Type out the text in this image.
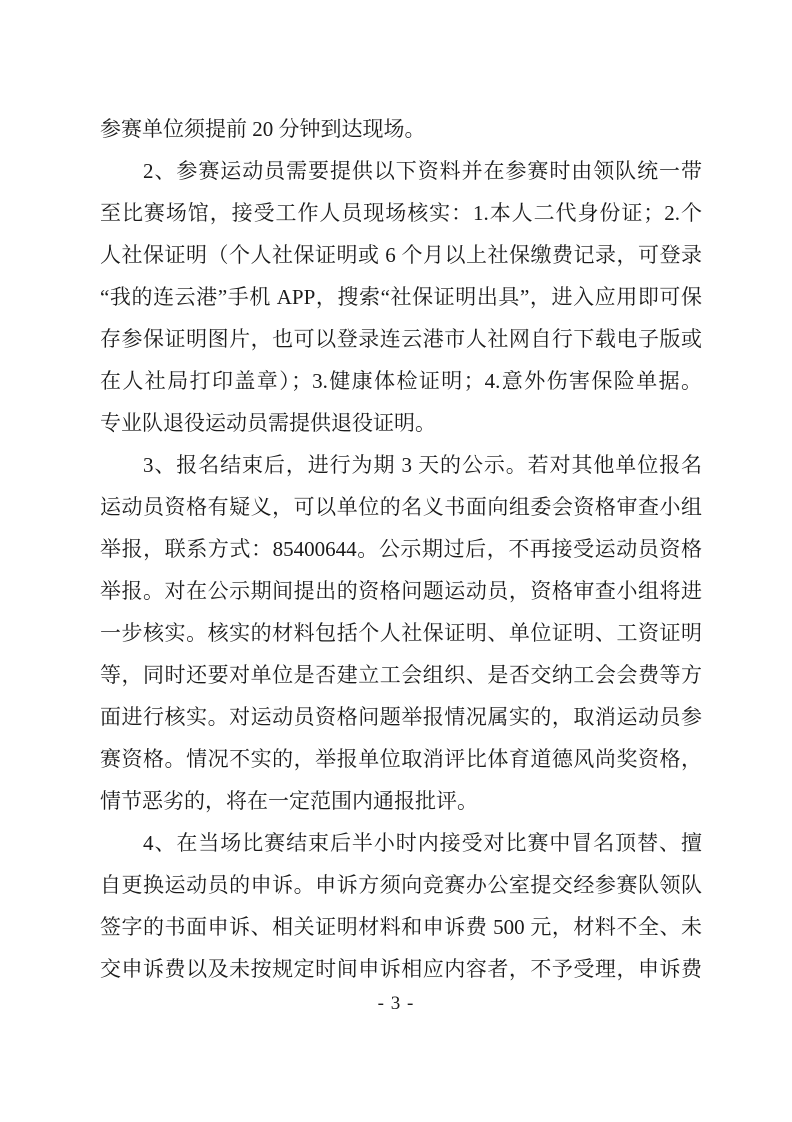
参赛单位须提前 20 分钟到达现场。
2、参赛运动员需要提供以下资料并在参赛时由领队统一带
至比赛场馆，接受工作人员现场核实：1.本人二代身份证；2.个
人社保证明（个人社保证明或 6 个月以上社保缴费记录，可登录
“我的连云港”手机 APP，搜索“社保证明出具”，进入应用即可保
存参保证明图片，也可以登录连云港市人社网自行下载电子版或
在人社局打印盖章）；3.健康体检证明；4.意外伤害保险单据。
专业队退役运动员需提供退役证明。
3、报名结束后，进行为期 3 天的公示。若对其他单位报名
运动员资格有疑义，可以单位的名义书面向组委会资格审查小组
举报，联系方式：85400644。公示期过后，不再接受运动员资格
举报。对在公示期间提出的资格问题运动员，资格审查小组将进
一步核实。核实的材料包括个人社保证明、单位证明、工资证明
等，同时还要对单位是否建立工会组织、是否交纳工会会费等方
面进行核实。对运动员资格问题举报情况属实的，取消运动员参
赛资格。情况不实的，举报单位取消评比体育道德风尚奖资格，
情节恶劣的，将在一定范围内通报批评。
4、在当场比赛结束后半小时内接受对比赛中冒名顶替、擅
自更换运动员的申诉。申诉方须向竞赛办公室提交经参赛队领队
签字的书面申诉、相关证明材料和申诉费 500 元，材料不全、未
交申诉费以及未按规定时间申诉相应内容者，不予受理，申诉费
- 3 -
